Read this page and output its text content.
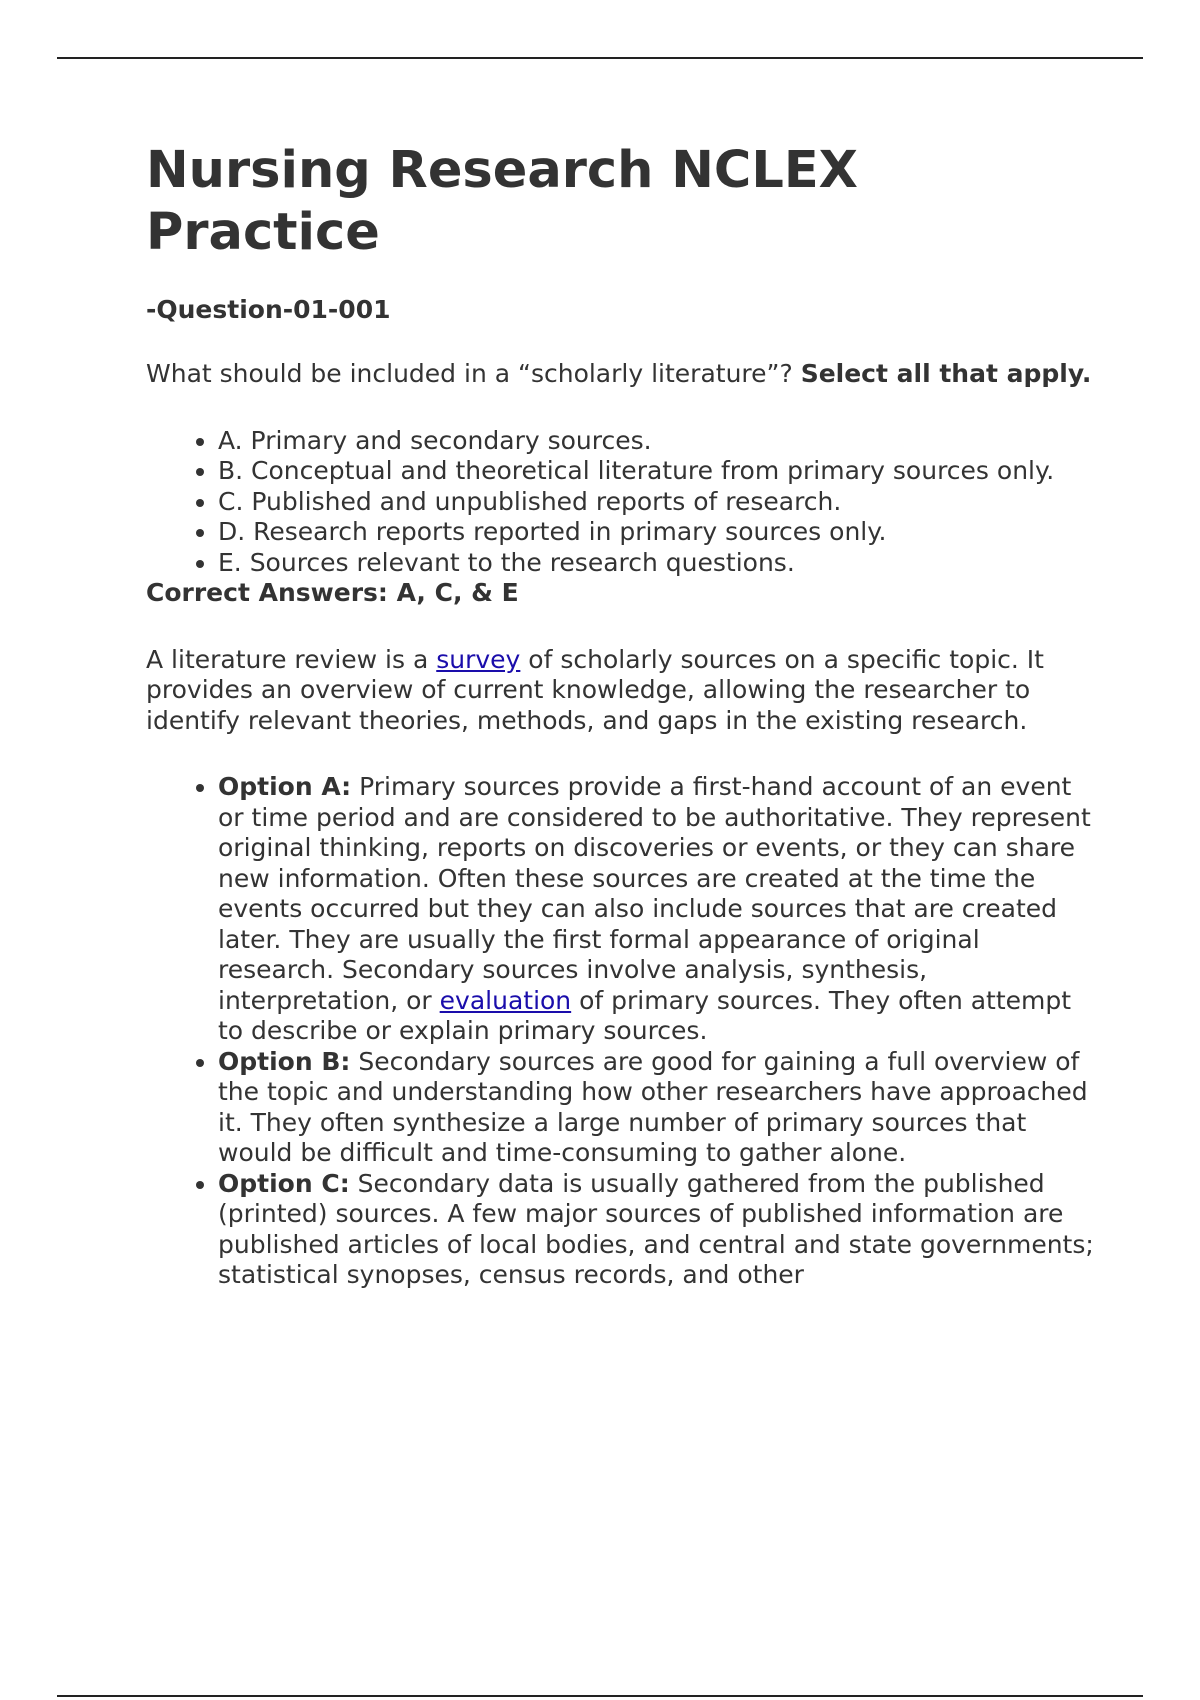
Nursing Research NCLEX Practice
-Question-01-001

What should be included in a “scholarly literature”? Select all that apply.

• A. Primary and secondary sources.
• B. Conceptual and theoretical literature from primary sources only.
• C. Published and unpublished reports of research.
• D. Research reports reported in primary sources only.
• E. Sources relevant to the research questions.

Correct Answers: A, C, & E

A literature review is a survey of scholarly sources on a specific topic. It provides an overview of current knowledge, allowing the researcher to identify relevant theories, methods, and gaps in the existing research.

• Option A: Primary sources provide a first-hand account of an event or time period and are considered to be authoritative. They represent original thinking, reports on discoveries or events, or they can share new information. Often these sources are created at the time the events occurred but they can also include sources that are created later. They are usually the first formal appearance of original research. Secondary sources involve analysis, synthesis, interpretation, or evaluation of primary sources. They often attempt to describe or explain primary sources.
• Option B: Secondary sources are good for gaining a full overview of the topic and understanding how other researchers have approached it. They often synthesize a large number of primary sources that would be difficult and time-consuming to gather alone.
• Option C: Secondary data is usually gathered from the published (printed) sources. A few major sources of published information are published articles of local bodies, and central and state governments; statistical synopses, census records, and other
